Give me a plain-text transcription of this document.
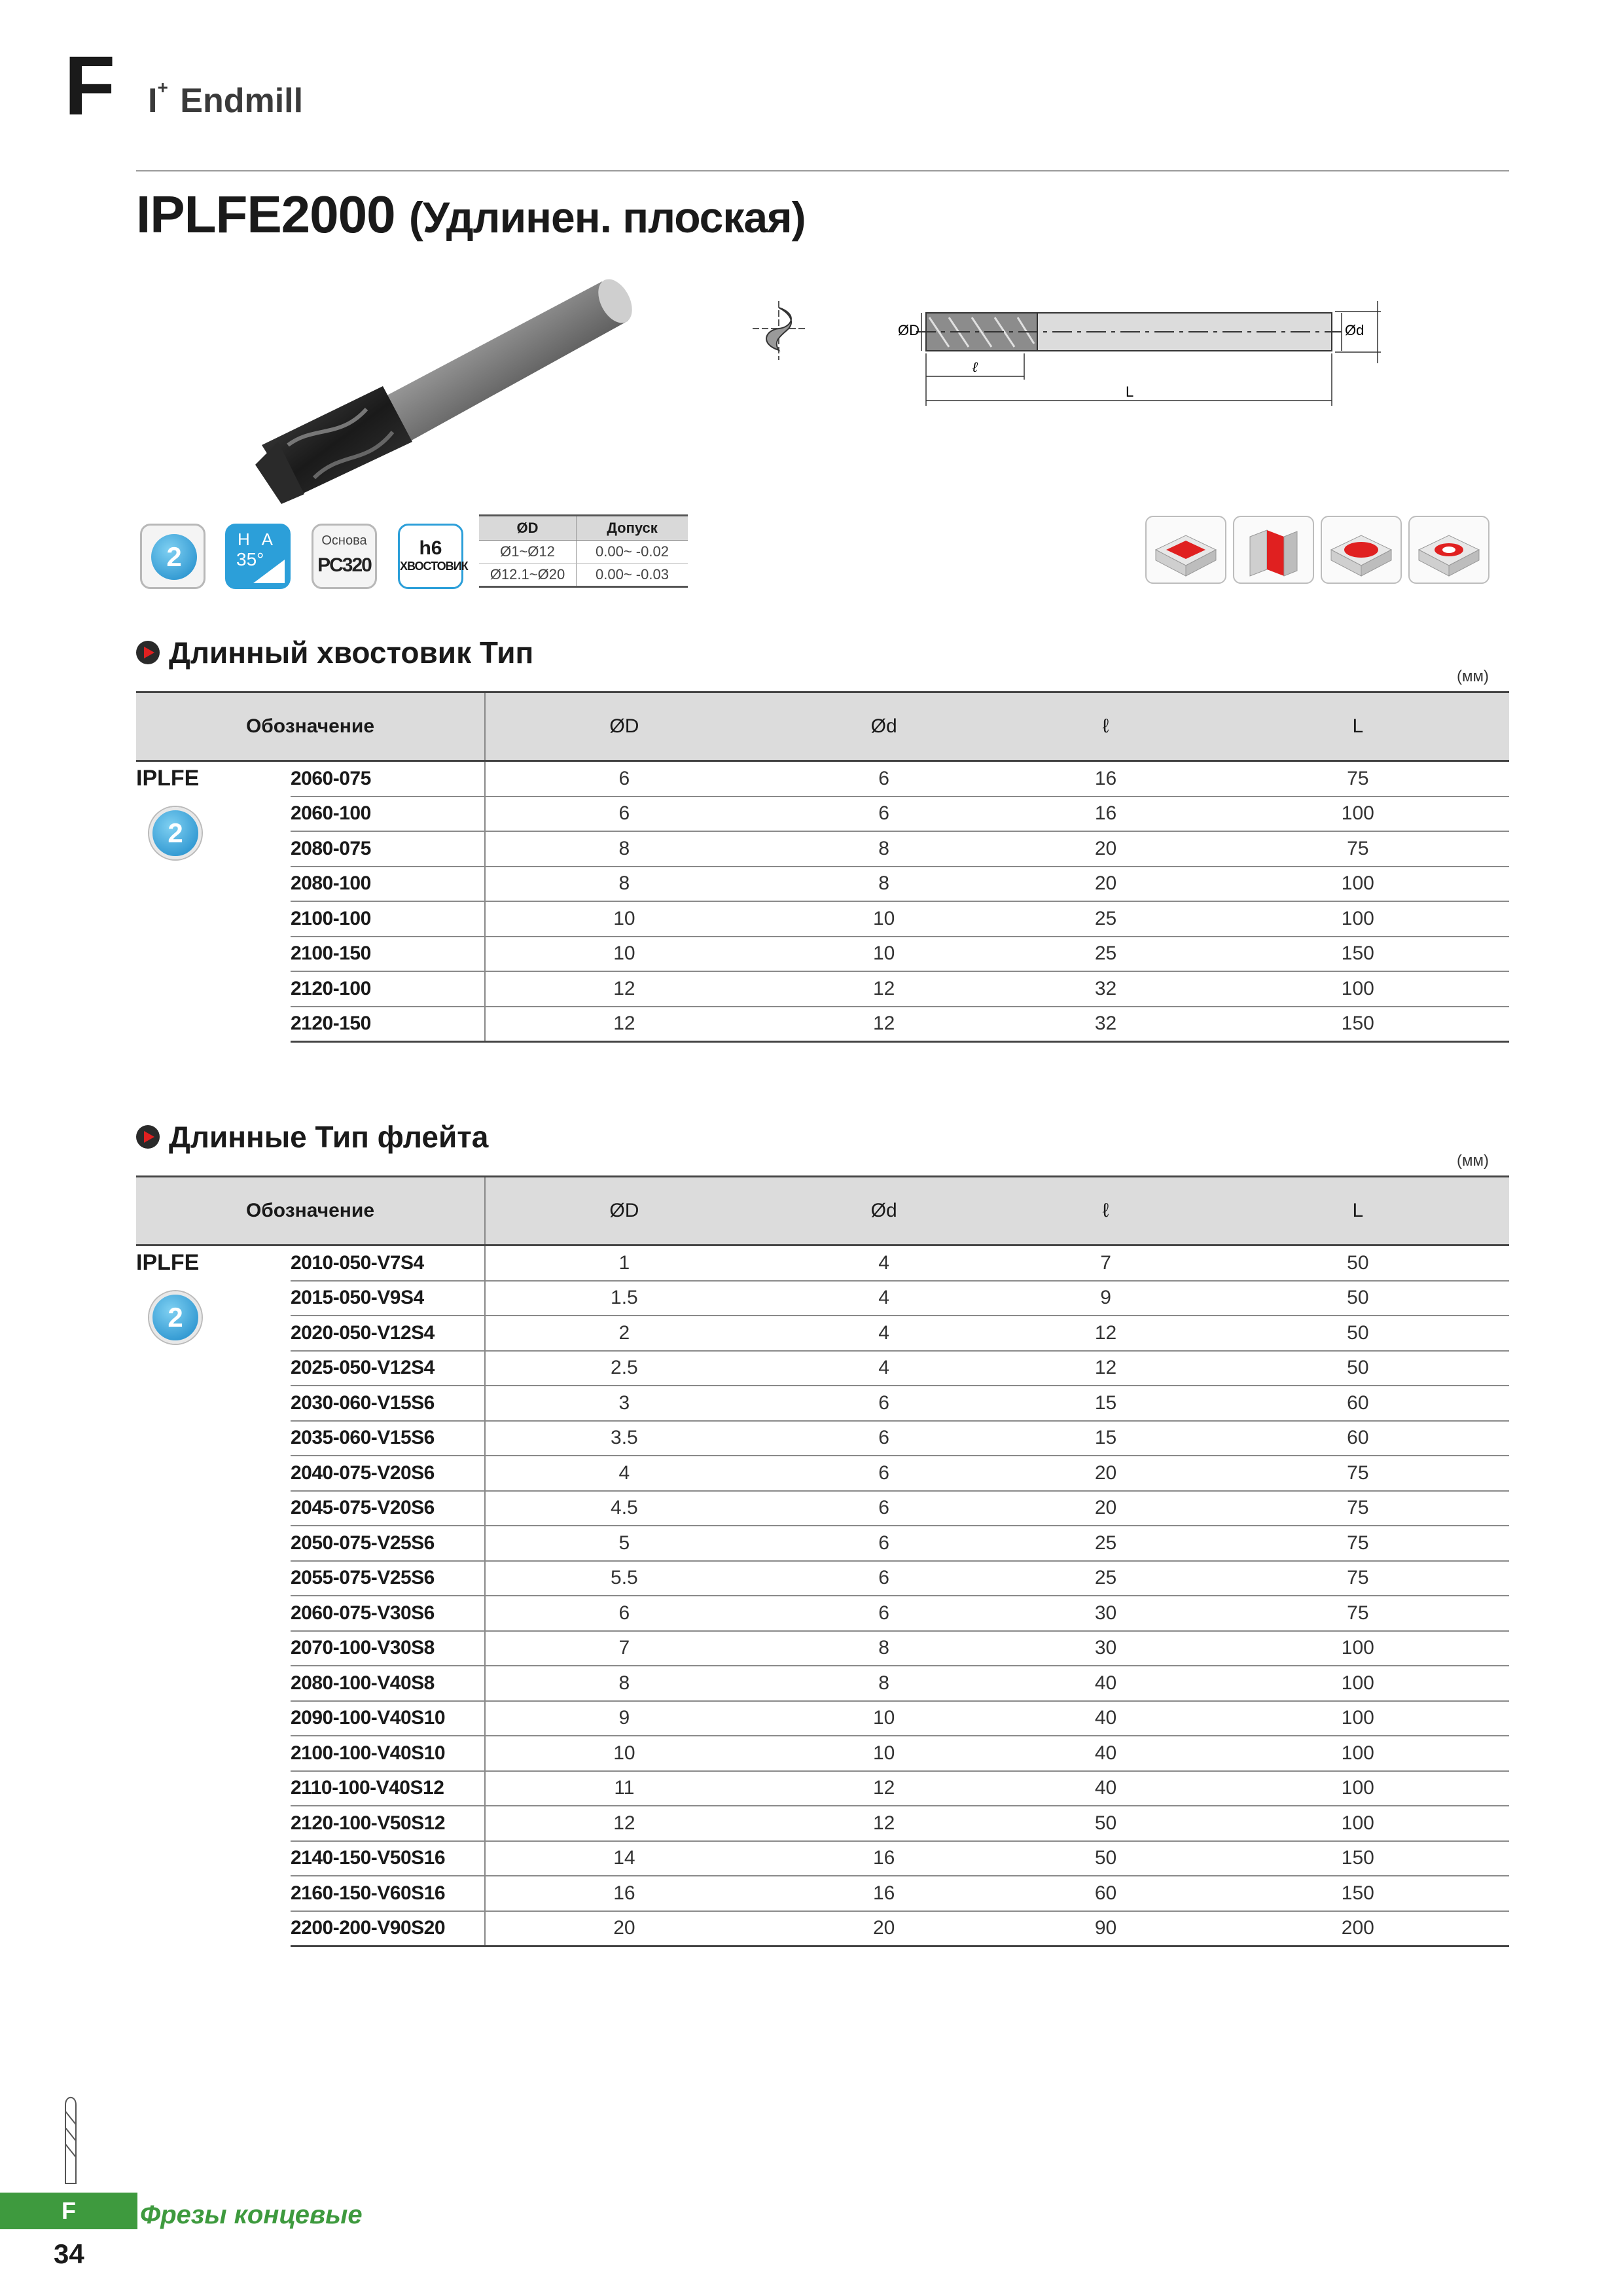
F I+ Endmill
IPLFE2000 (Удлинен. плоская)
ØD	Ød
ℓ
L
2
H A
35°
Основа
PC320
h6
ХВОСТОВИК
ØD	Допуск
Ø1~Ø12	0.00~ -0.02
Ø12.1~Ø20	0.00~ -0.03
Длинный хвостовик Тип
(мм)
Обозначение		ØD	Ød	ℓ	L

IPLFE
2	2060-075	6	6	16	75
	2060-100	6	6	16	100
	2080-075	8	8	20	75
	2080-100	8	8	20	100
	2100-100	10	10	25	100
	2100-150	10	10	25	150
	2120-100	12	12	32	100
	2120-150	12	12	32	150
Длинные Тип флейта
(мм)
Обозначение		ØD	Ød	ℓ	L

IPLFE
2	2010-050-V7S4	1	4	7	50
	2015-050-V9S4	1.5	4	9	50
	2020-050-V12S4	2	4	12	50
	2025-050-V12S4	2.5	4	12	50
	2030-060-V15S6	3	6	15	60
	2035-060-V15S6	3.5	6	15	60
	2040-075-V20S6	4	6	20	75
	2045-075-V20S6	4.5	6	20	75
	2050-075-V25S6	5	6	25	75
	2055-075-V25S6	5.5	6	25	75
	2060-075-V30S6	6	6	30	75
	2070-100-V30S8	7	8	30	100
	2080-100-V40S8	8	8	40	100
	2090-100-V40S10	9	10	40	100
	2100-100-V40S10	10	10	40	100
	2110-100-V40S12	11	12	40	100
	2120-100-V50S12	12	12	50	100
	2140-150-V50S16	14	16	50	150
	2160-150-V60S16	16	16	60	150
	2200-200-V90S20	20	20	90	200
F	Фрезы концевые
34
